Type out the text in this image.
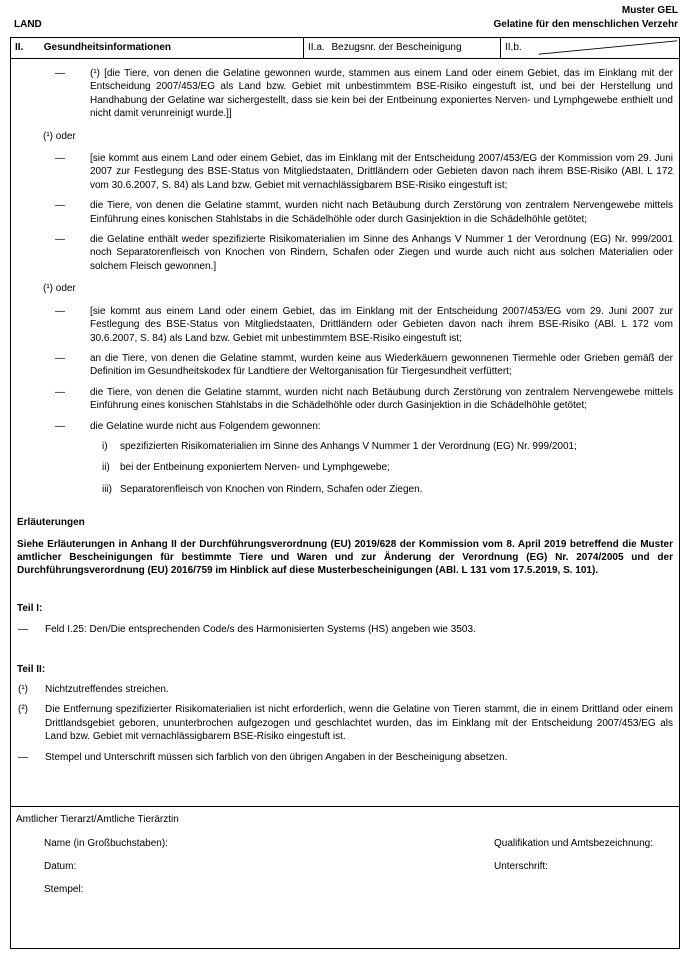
Muster GEL
LAND	Gelatine für den menschlichen Verzehr
II. Gesundheitsinformationen	II.a. Bezugsnr. der Bescheinigung	II.b.
—	(¹) [die Tiere, von denen die Gelatine gewonnen wurde, stammen aus einem Land oder einem Gebiet, das im Einklang mit der Entscheidung 2007/453/EG als Land bzw. Gebiet mit unbestimmtem BSE-Risiko eingestuft ist, und bei der Herstellung und Handhabung der Gelatine war sichergestellt, dass sie kein bei der Entbeinung exponiertes Nerven- und Lymphgewebe enthielt und nicht damit verunreinigt wurde.]]
(¹) oder
—	[sie kommt aus einem Land oder einem Gebiet, das im Einklang mit der Entscheidung 2007/453/EG der Kommission vom 29. Juni 2007 zur Festlegung des BSE-Status von Mitgliedstaaten, Drittländern oder Gebieten davon nach ihrem BSE-Risiko (ABl. L 172 vom 30.6.2007, S. 84) als Land bzw. Gebiet mit vernachlässigbarem BSE-Risiko eingestuft ist;
—	die Tiere, von denen die Gelatine stammt, wurden nicht nach Betäubung durch Zerstörung von zentralem Nervengewebe mittels Einführung eines konischen Stahlstabs in die Schädelhöhle oder durch Gasinjektion in die Schädelhöhle getötet;
—	die Gelatine enthält weder spezifizierte Risikomaterialien im Sinne des Anhangs V Nummer 1 der Verordnung (EG) Nr. 999/2001 noch Separatorenfleisch von Knochen von Rindern, Schafen oder Ziegen und wurde auch nicht aus solchen Materialien oder solchem Fleisch gewonnen.]
(¹) oder
—	[sie kommt aus einem Land oder einem Gebiet, das im Einklang mit der Entscheidung 2007/453/EG vom 29. Juni 2007 zur Festlegung des BSE-Status von Mitgliedstaaten, Drittländern oder Gebieten davon nach ihrem BSE-Risiko (ABl. L 172 vom 30.6.2007, S. 84) als Land bzw. Gebiet mit unbestimmtem BSE-Risiko eingestuft ist;
—	an die Tiere, von denen die Gelatine stammt, wurden keine aus Wiederkäuern gewonnenen Tiermehle oder Grieben gemäß der Definition im Gesundheitskodex für Landtiere der Weltorganisation für Tiergesundheit verfüttert;
—	die Tiere, von denen die Gelatine stammt, wurden nicht nach Betäubung durch Zerstörung von zentralem Nervengewebe mittels Einführung eines konischen Stahlstabs in die Schädelhöhle oder durch Gasinjektion in die Schädelhöhle getötet;
—	die Gelatine wurde nicht aus Folgendem gewonnen:
i) spezifizierten Risikomaterialien im Sinne des Anhangs V Nummer 1 der Verordnung (EG) Nr. 999/2001;
ii) bei der Entbeinung exponiertem Nerven- und Lymphgewebe;
iii) Separatorenfleisch von Knochen von Rindern, Schafen oder Ziegen.
Erläuterungen
Siehe Erläuterungen in Anhang II der Durchführungsverordnung (EU) 2019/628 der Kommission vom 8. April 2019 betreffend die Muster amtlicher Bescheinigungen für bestimmte Tiere und Waren und zur Änderung der Verordnung (EG) Nr. 2074/2005 und der Durchführungsverordnung (EU) 2016/759 im Hinblick auf diese Musterbescheinigungen (ABl. L 131 vom 17.5.2019, S. 101).
Teil I:
— Feld I.25: Den/Die entsprechenden Code/s des Harmonisierten Systems (HS) angeben wie 3503.
Teil II:
(¹) Nichtzutreffendes streichen.
(²) Die Entfernung spezifizierter Risikomaterialien ist nicht erforderlich, wenn die Gelatine von Tieren stammt, die in einem Drittland oder einem Drittlandsgebiet geboren, ununterbrochen aufgezogen und geschlachtet wurden, das im Einklang mit der Entscheidung 2007/453/EG als Land bzw. Gebiet mit vernachlässigbarem BSE-Risiko eingestuft ist.
— Stempel und Unterschrift müssen sich farblich von den übrigen Angaben in der Bescheinigung absetzen.
Amtlicher Tierarzt/Amtliche Tierärztin
Name (in Großbuchstaben):	Qualifikation und Amtsbezeichnung:
Datum:	Unterschrift:
Stempel:
